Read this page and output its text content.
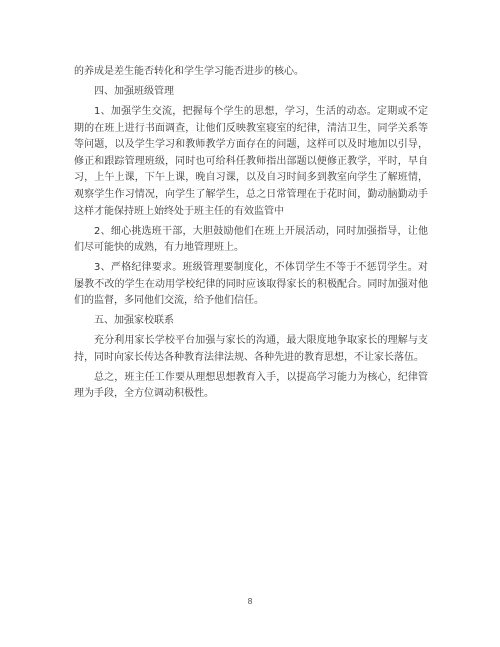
的养成是差生能否转化和学生学习能否进步的核心。

四、加强班级管理

1、加强学生交流，把握每个学生的思想，学习，生活的动态。定期或不定期的在班上进行书面调查，让他们反映教室寝室的纪律，清洁卫生，同学关系等等问题，以及学生学习和教师教学方面存在的问题，这样可以及时地加以引导，修正和跟踪管理班级，同时也可给科任教师指出部题以便修正教学，平时，早自习，上午上课，下午上课，晚自习课，以及自习时间多到教室向学生了解班情，观察学生作习情况，向学生了解学生，总之日常管理在于花时间，勤动脑勤动手这样才能保持班上始终处于班主任的有效监管中

2、细心挑选班干部，大胆鼓励他们在班上开展活动，同时加强指导，让他们尽可能快的成熟，有力地管理班上。

3、严格纪律要求。班级管理要制度化，不体罚学生不等于不惩罚学生。对屡教不改的学生在动用学校纪律的同时应该取得家长的积极配合。同时加强对他们的监督，多同他们交流，给予他们信任。

五、加强家校联系

充分利用家长学校平台加强与家长的沟通，最大限度地争取家长的理解与支持，同时向家长传达各种教育法律法规、各种先进的教育思想，不让家长落伍。

总之，班主任工作要从理想思想教育入手，以提高学习能力为核心，纪律管理为手段，全方位调动积极性。

8
